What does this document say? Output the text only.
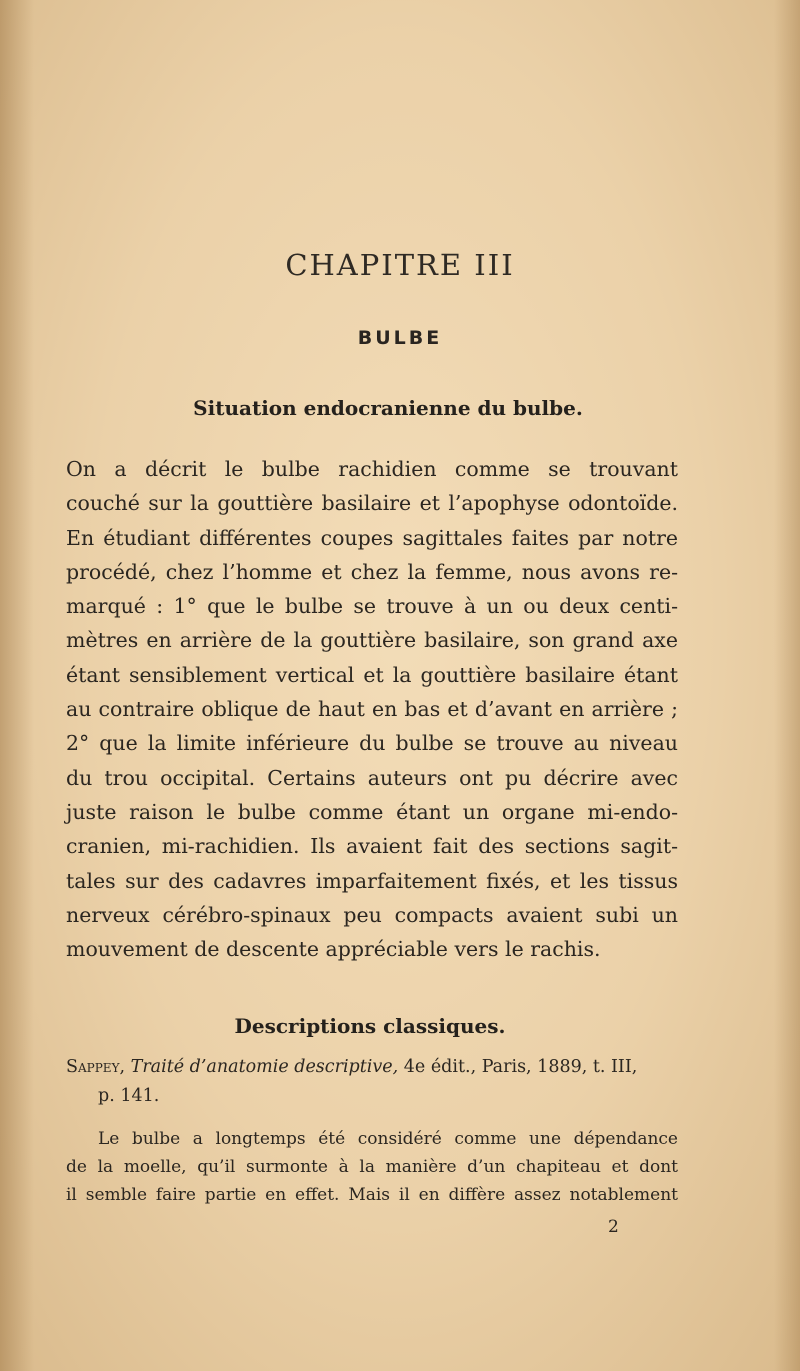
CHAPITRE III
BULBE
Situation endocranienne du bulbe.
On a décrit le bulbe rachidien comme se trouvant
couché sur la gouttière basilaire et l’apophyse odontoïde.
En étudiant différentes coupes sagittales faites par notre
procédé, chez l’homme et chez la femme, nous avons re-
marqué : 1° que le bulbe se trouve à un ou deux centi-
mètres en arrière de la gouttière basilaire, son grand axe
étant sensiblement vertical et la gouttière basilaire étant
au contraire oblique de haut en bas et d’avant en arrière ;
2° que la limite inférieure du bulbe se trouve au niveau
du trou occipital. Certains auteurs ont pu décrire avec
juste raison le bulbe comme étant un organe mi-endo-
cranien, mi-rachidien. Ils avaient fait des sections sagit-
tales sur des cadavres imparfaitement fixés, et les tissus
nerveux cérébro-spinaux peu compacts avaient subi un
mouvement de descente appréciable vers le rachis.
Descriptions classiques.
Sappey, Traité d’anatomie descriptive, 4e édit., Paris, 1889, t. III,
p. 141.
Le bulbe a longtemps été considéré comme une dépendance
de la moelle, qu’il surmonte à la manière d’un chapiteau et dont
il semble faire partie en effet. Mais il en diffère assez notablement
2
